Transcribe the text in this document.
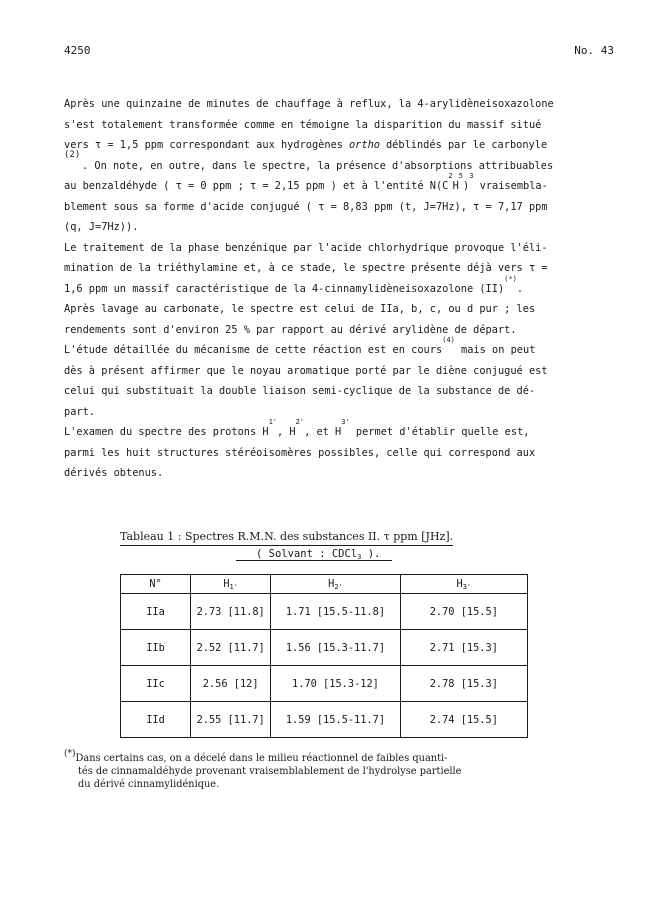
4250	No. 43
Après une quinzaine de minutes de chauffage à reflux, la 4-arylidèneisoxazolone
s'est totalement transformée comme en témoigne la disparition du massif situé
vers τ = 1,5 ppm correspondant aux hydrogènes ortho déblindés par le carbonyle
(2)
. On note, en outre, dans le spectre, la présence d'absorptions attribuables
au benzaldéhyde ( τ = 0 ppm ; τ = 2,15 ppm ) et à l'entité N(C
2
H
5
)
3
vraisembla-
blement sous sa forme d'acide conjugué ( τ = 8,83 ppm (t, J=7Hz), τ = 7,17 ppm
(q, J=7Hz)).
Le traitement de la phase benzénique par l'acide chlorhydrique provoque l'éli-
mination de la triéthylamine et, à ce stade, le spectre présente déjà vers τ =
1,6 ppm un massif caractéristique de la 4-cinnamylidèneisoxazolone (II)
(*)
.
Après lavage au carbonate, le spectre est celui de IIa, b, c, ou d pur ; les
rendements sont d'environ 25 % par rapport au dérivé arylidène de départ.
L'étude détaillée du mécanisme de cette réaction est en cours
(4)
mais on peut
dès à présent affirmer que le noyau aromatique porté par le diène conjugué est
celui qui substituait la double liaison semi-cyclique de la substance de dé-
part.
L'examen du spectre des protons H
1'
, H
2'
, et H
3'
permet d'établir quelle est,
parmi les huit structures stéréoisomères possibles, celle qui correspond aux
dérivés obtenus.
Tableau 1 : Spectres R.M.N. des substances II. τ ppm [JHz].
( Solvant : CDCl$_3$ ).
N°	$H_{1'}$	$H_{2'}$	$H_{3'}$
IIa	2.73 [11.8]	1.71 [15.5-11.8]	2.70 [15.5]
IIb	2.52 [11.7]	1.56 [15.3-11.7]	2.71 [15.3]
IIc	2.56 [12]	1.70 [15.3-12]	2.78 [15.3]
IId	2.55 [11.7]	1.59 [15.5-11.7]	2.74 [15.5]
(*)Dans certains cas, on a décelé dans le milieu réactionnel de faibles quanti-
tés de cinnamaldéhyde provenant vraisemblablement de l'hydrolyse partielle
du dérivé cinnamylidénique.
